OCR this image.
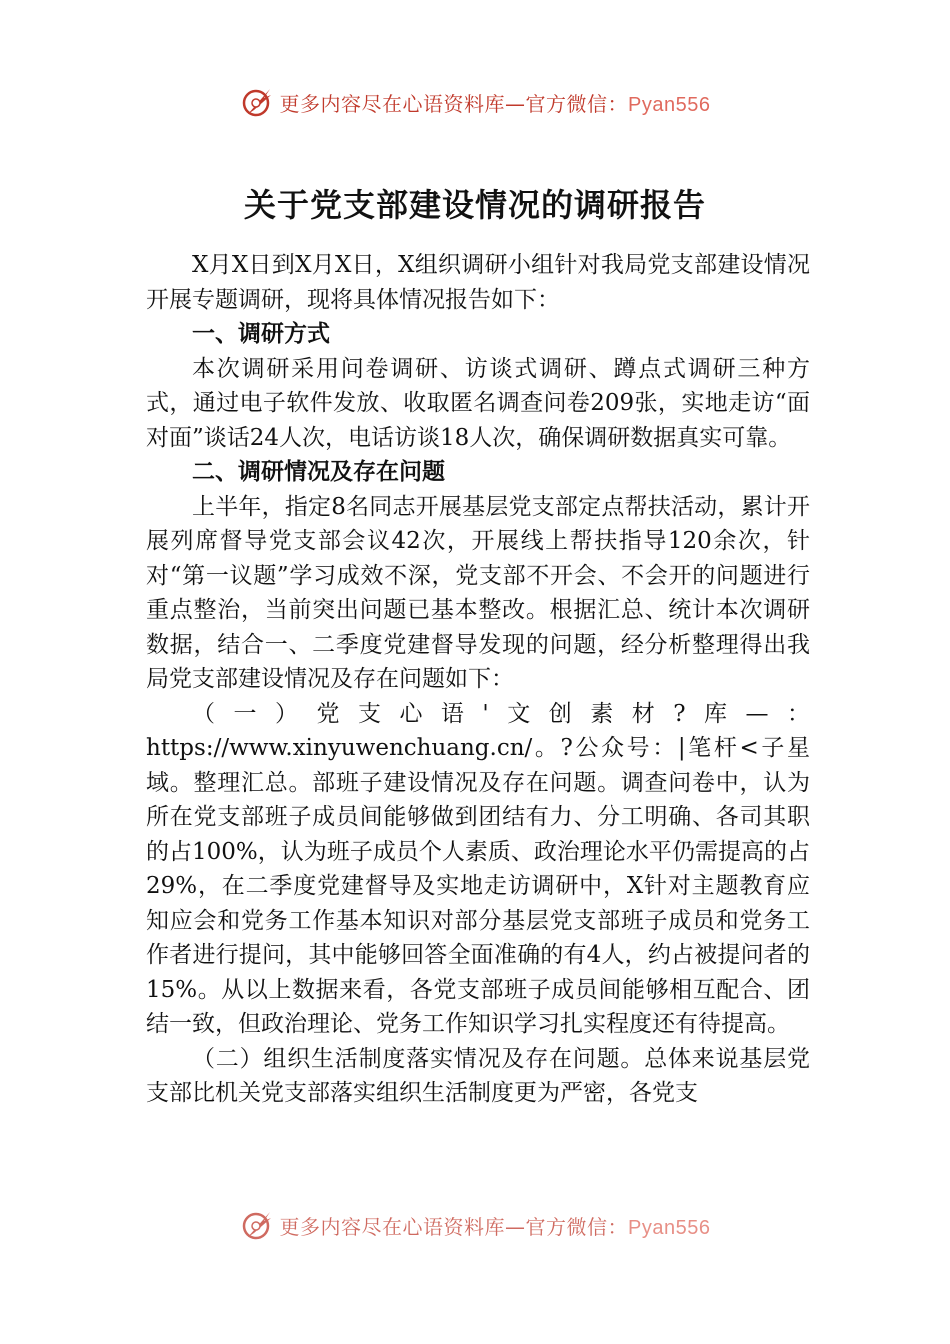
更多内容尽在心语资料库—官方微信：Pyan556
关于党支部建设情况的调研报告

X月X日到X月X日，X组织调研小组针对我局党支部建设情况开展专题调研，现将具体情况报告如下：

一、调研方式

本次调研采用问卷调研、访谈式调研、蹲点式调研三种方式，通过电子软件发放、收取匿名调查问卷209张，实地走访“面对面”谈话24人次，电话访谈18人次，确保调研数据真实可靠。

二、调研情况及存在问题

上半年，指定8名同志开展基层党支部定点帮扶活动，累计开展列席督导党支部会议42次，开展线上帮扶指导120余次，针对“第一议题”学习成效不深，党支部不开会、不会开的问题进行重点整治，当前突出问题已基本整改。根据汇总、统计本次调研数据，结合一、二季度党建督导发现的问题，经分析整理得出我局党支部建设情况及存在问题如下：

（一）党支心语'文创素材?库—：https://www.xinyuwenchuang.cn/。?公众号：|笔杆<子星域。整理汇总。部班子建设情况及存在问题。调查问卷中，认为所在党支部班子成员间能够做到团结有力、分工明确、各司其职的占100%，认为班子成员个人素质、政治理论水平仍需提高的占29%，在二季度党建督导及实地走访调研中，X针对主题教育应知应会和党务工作基本知识对部分基层党支部班子成员和党务工作者进行提问，其中能够回答全面准确的有4人，约占被提问者的15%。从以上数据来看，各党支部班子成员间能够相互配合、团结一致，但政治理论、党务工作知识学习扎实程度还有待提高。

（二）组织生活制度落实情况及存在问题。总体来说基层党支部比机关党支部落实组织生活制度更为严密，各党支

更多内容尽在心语资料库—官方微信：Pyan556
